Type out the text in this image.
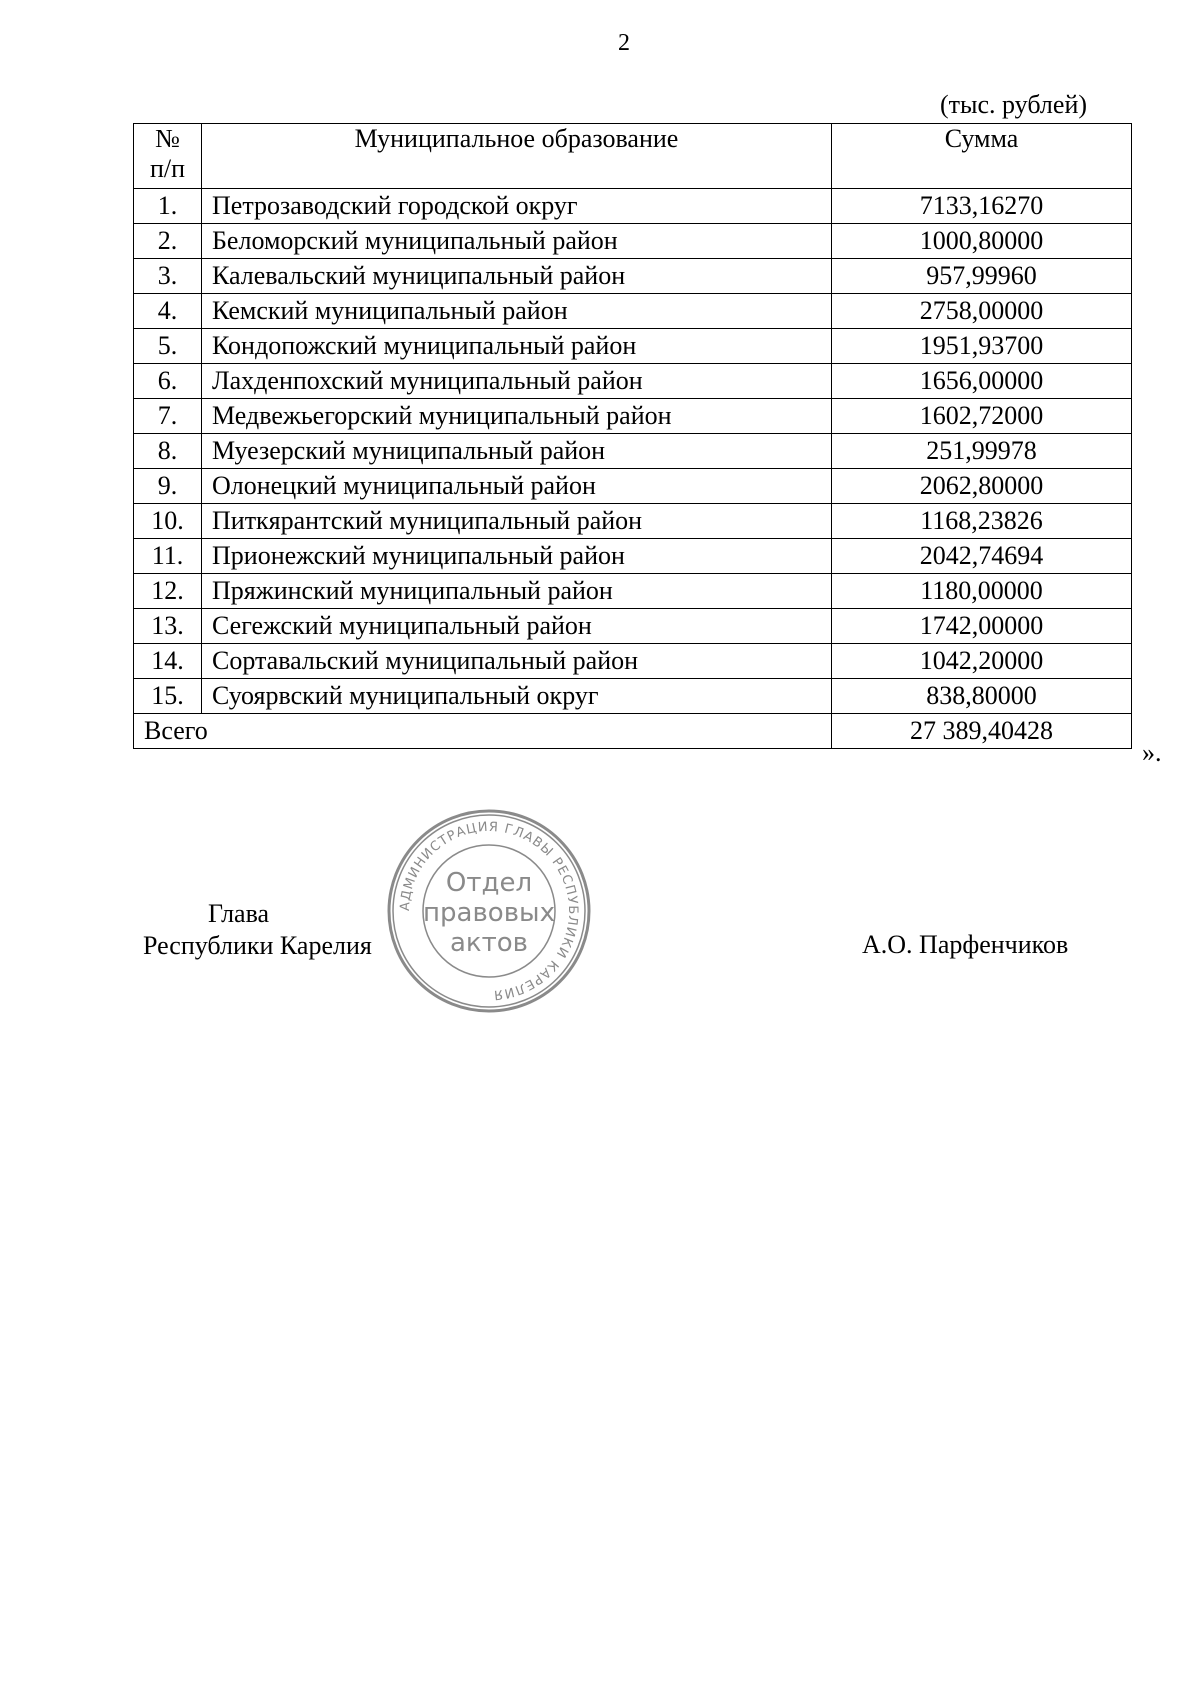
2
(тыс. рублей)
№
п/п	Муниципальное образование	Сумма
1.	Петрозаводский городской округ	7133,16270
2.	Беломорский муниципальный район	1000,80000
3.	Калевальский муниципальный район	957,99960
4.	Кемский муниципальный район	2758,00000
5.	Кондопожский муниципальный район	1951,93700
6.	Лахденпохский муниципальный район	1656,00000
7.	Медвежьегорский муниципальный район	1602,72000
8.	Муезерский муниципальный район	251,99978
9.	Олонецкий муниципальный район	2062,80000
10.	Питкярантский муниципальный район	1168,23826
11.	Прионежский муниципальный район	2042,74694
12.	Пряжинский муниципальный район	1180,00000
13.	Сегежский муниципальный район	1742,00000
14.	Сортавальский муниципальный район	1042,20000
15.	Суоярвский муниципальный округ	838,80000
Всего		27 389,40428
».
Глава
Республики Карелия
АДМИНИСТРАЦИЯ ГЛАВЫ РЕСПУБЛИКИ КАРЕЛИЯ
Отдел
правовых
актов	А.О. Парфенчиков
